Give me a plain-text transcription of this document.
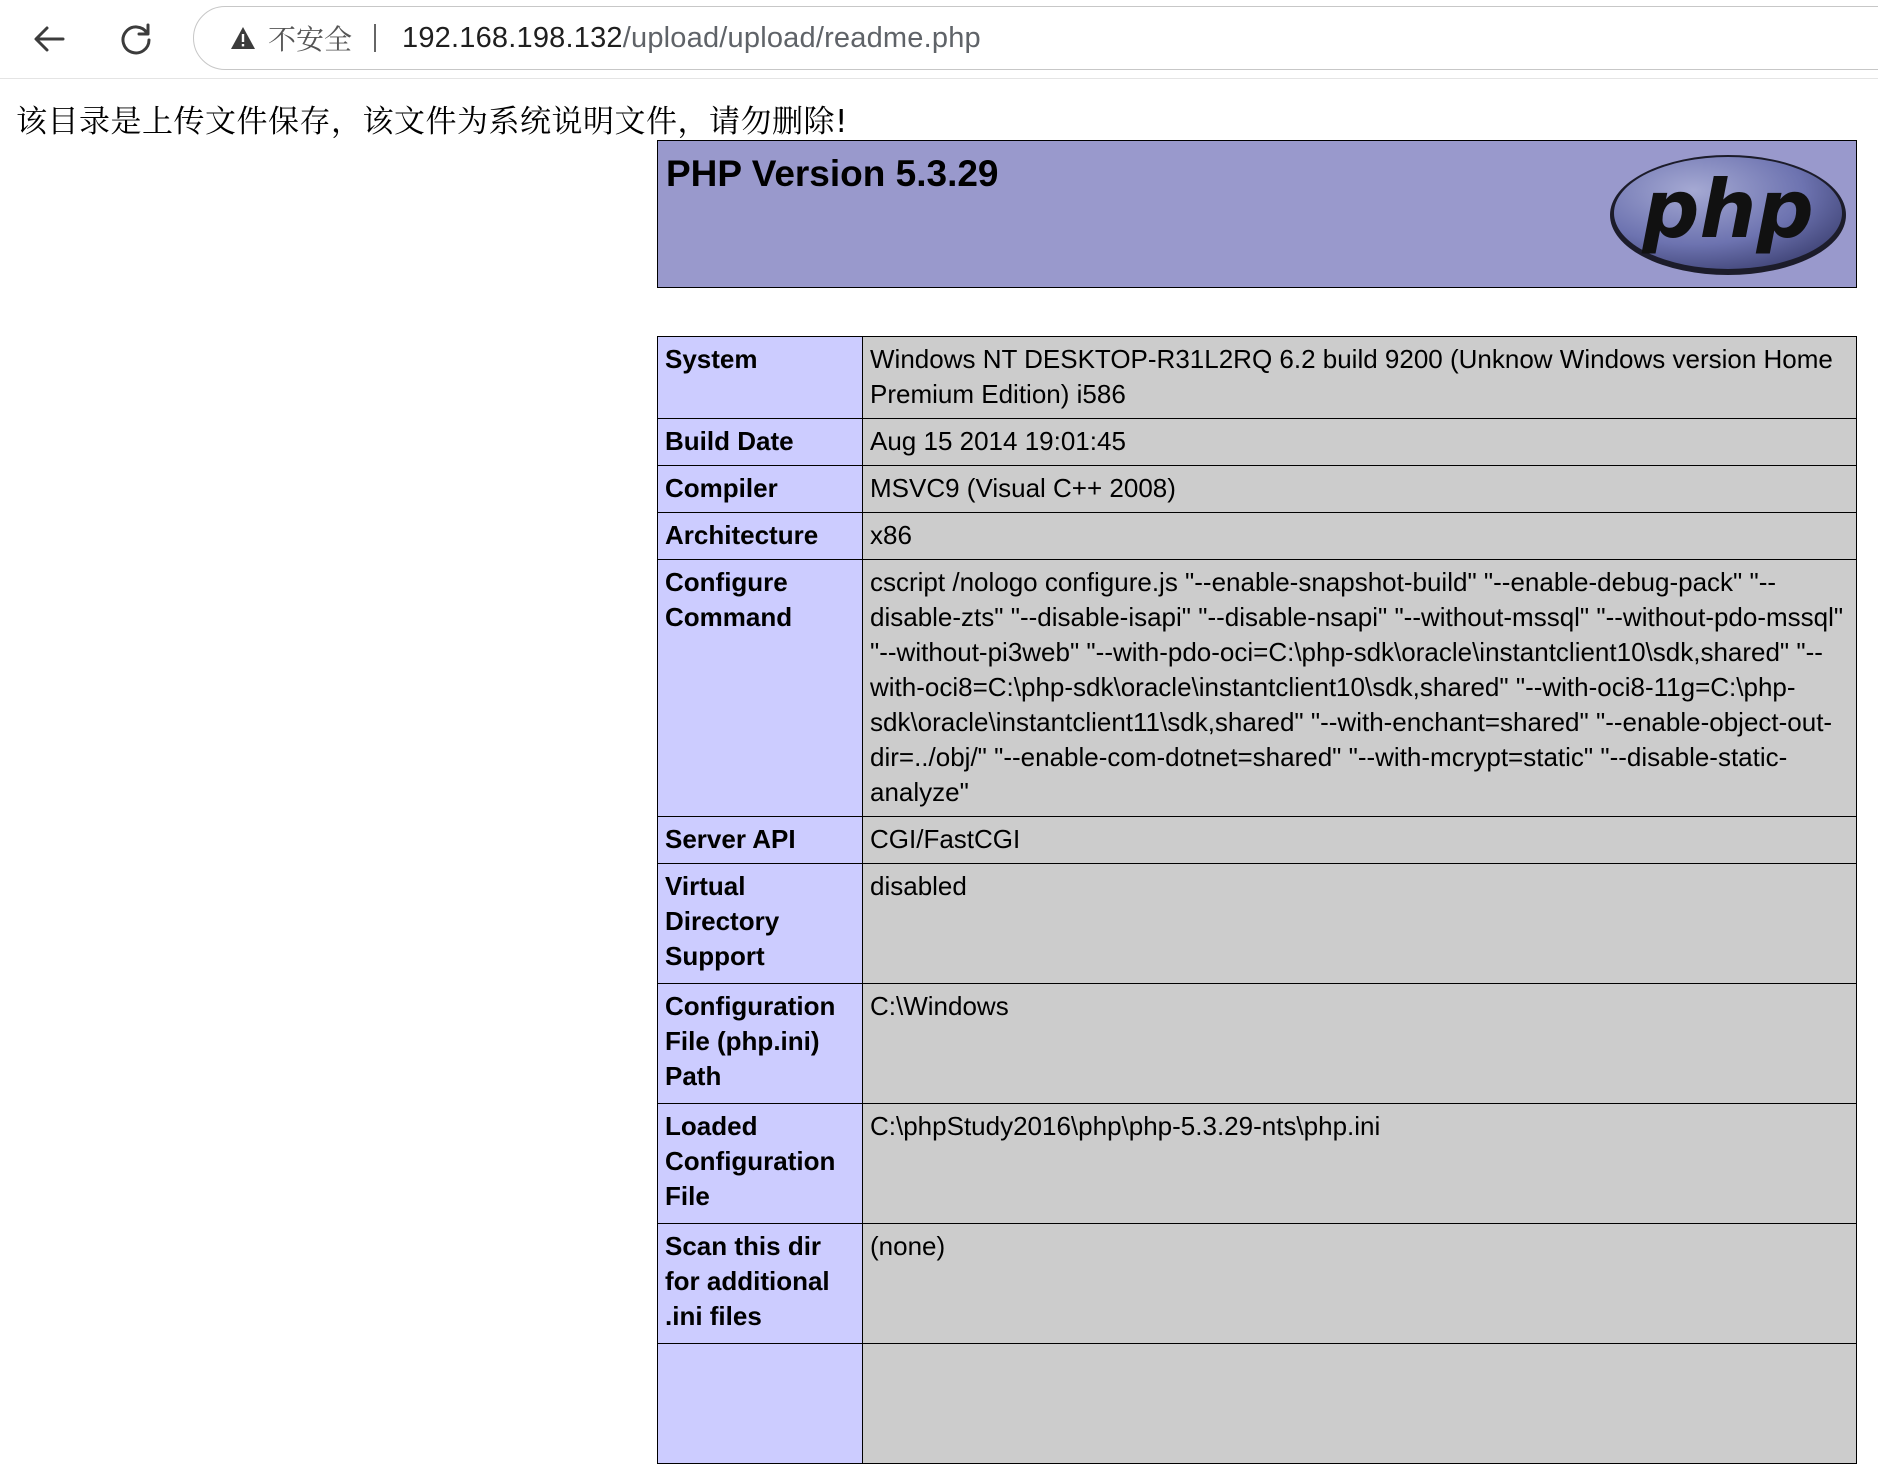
不安全 192.168.198.132/upload/upload/readme.php
该目录是上传文件保存，该文件为系统说明文件，请勿删除!
PHP Version 5.3.29	php
System	Windows NT DESKTOP-R31L2RQ 6.2 build 9200 (Unknow Windows version Home Premium Edition) i586
Build Date	Aug 15 2014 19:01:45
Compiler	MSVC9 (Visual C++ 2008)
Architecture	x86
Configure Command	cscript /nologo configure.js "--enable-snapshot-build" "--enable-debug-pack" "--disable-zts" "--disable-isapi" "--disable-nsapi" "--without-mssql" "--without-pdo-mssql" "--without-pi3web" "--with-pdo-oci=C:\php-sdk\oracle\instantclient10\sdk,shared" "--with-oci8=C:\php-sdk\oracle\instantclient10\sdk,shared" "--with-oci8-11g=C:\php-sdk\oracle\instantclient11\sdk,shared" "--with-enchant=shared" "--enable-object-out-dir=../obj/" "--enable-com-dotnet=shared" "--with-mcrypt=static" "--disable-static-analyze"
Server API	CGI/FastCGI
Virtual Directory Support	disabled
Configuration File (php.ini) Path	C:\Windows
Loaded Configuration File	C:\phpStudy2016\php\php-5.3.29-nts\php.ini
Scan this dir for additional .ini files	(none)
